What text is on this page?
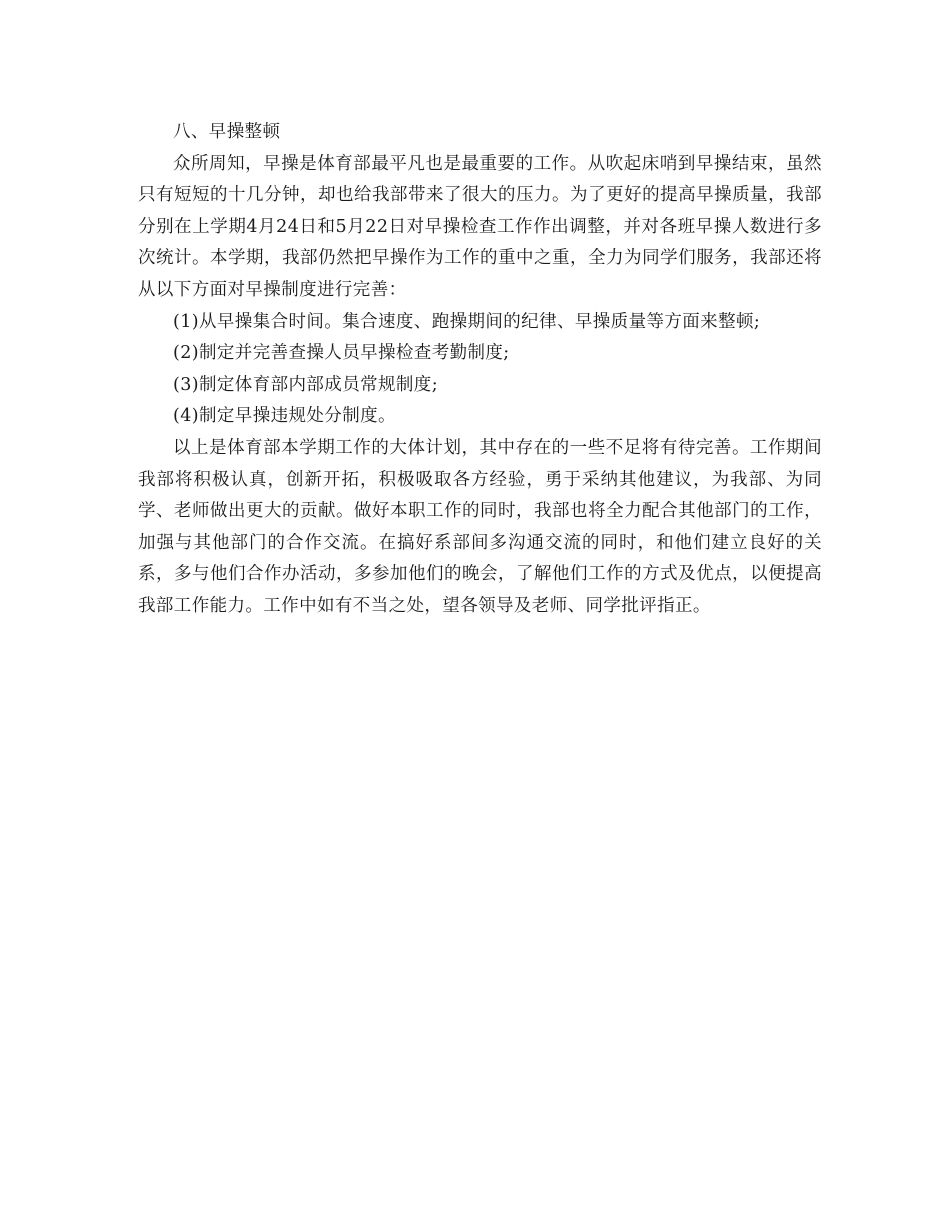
八、早操整顿

众所周知，早操是体育部最平凡也是最重要的工作。从吹起床哨到早操结束，虽然只有短短的十几分钟，却也给我部带来了很大的压力。为了更好的提高早操质量，我部分别在上学期4月24日和5月22日对早操检查工作作出调整，并对各班早操人数进行多次统计。本学期，我部仍然把早操作为工作的重中之重，全力为同学们服务，我部还将从以下方面对早操制度进行完善：

(1)从早操集合时间。集合速度、跑操期间的纪律、早操质量等方面来整顿;

(2)制定并完善查操人员早操检查考勤制度;

(3)制定体育部内部成员常规制度;

(4)制定早操违规处分制度。

以上是体育部本学期工作的大体计划，其中存在的一些不足将有待完善。工作期间我部将积极认真，创新开拓，积极吸取各方经验，勇于采纳其他建议，为我部、为同学、老师做出更大的贡献。做好本职工作的同时，我部也将全力配合其他部门的工作，加强与其他部门的合作交流。在搞好系部间多沟通交流的同时，和他们建立良好的关系，多与他们合作办活动，多参加他们的晚会，了解他们工作的方式及优点，以便提高我部工作能力。工作中如有不当之处，望各领导及老师、同学批评指正。
